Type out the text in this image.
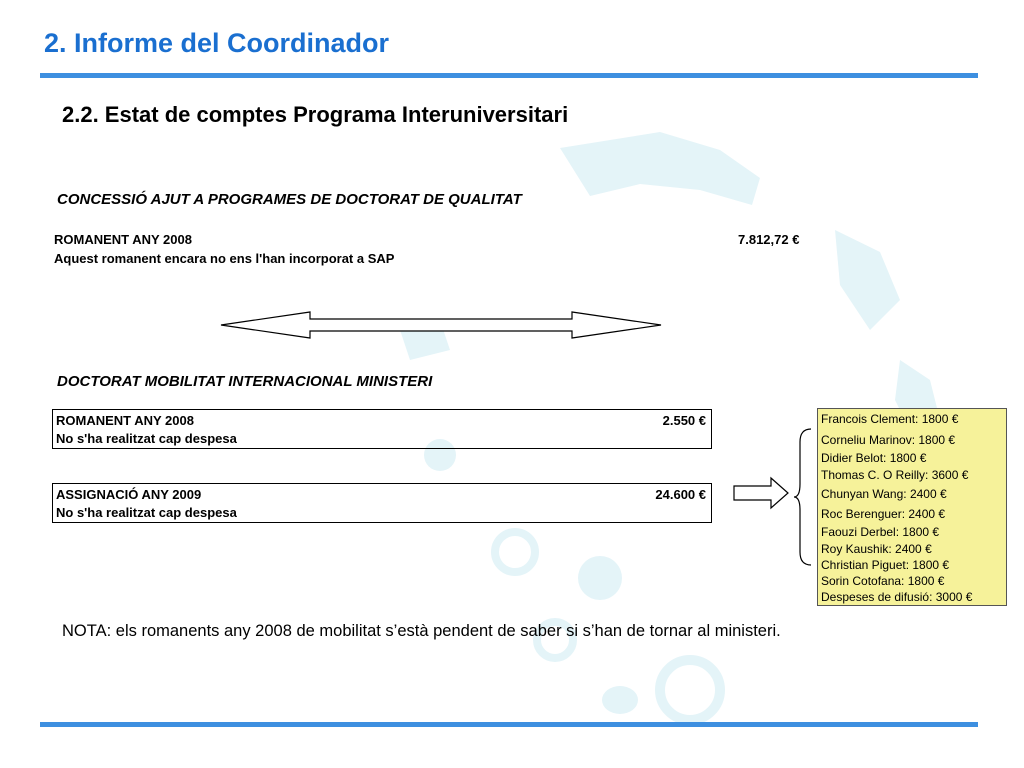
2. Informe del Coordinador
2.2. Estat de comptes Programa Interuniversitari
CONCESSIÓ AJUT A PROGRAMES DE DOCTORAT DE QUALITAT
ROMANENT ANY 2008	7.812,72 €
Aquest romanent encara no ens l'han incorporat a SAP
DOCTORAT MOBILITAT INTERNACIONAL MINISTERI
ROMANENT ANY 2008	2.550 €
No s'ha realitzat cap despesa
ASSIGNACIÓ ANY 2009	24.600 €
No s'ha realitzat cap despesa
Francois Clement: 1800 €
Corneliu Marinov: 1800 €
Didier Belot: 1800 €
Thomas C. O Reilly: 3600 €
Chunyan Wang: 2400 €
Roc Berenguer: 2400 €
Faouzi Derbel: 1800 €
Roy Kaushik: 2400 €
Christian Piguet: 1800 €
Sorin Cotofana: 1800 €
Despeses de difusió: 3000 €
NOTA: els romanents any 2008 de mobilitat s’està pendent de saber si s’han de tornar al ministeri.
